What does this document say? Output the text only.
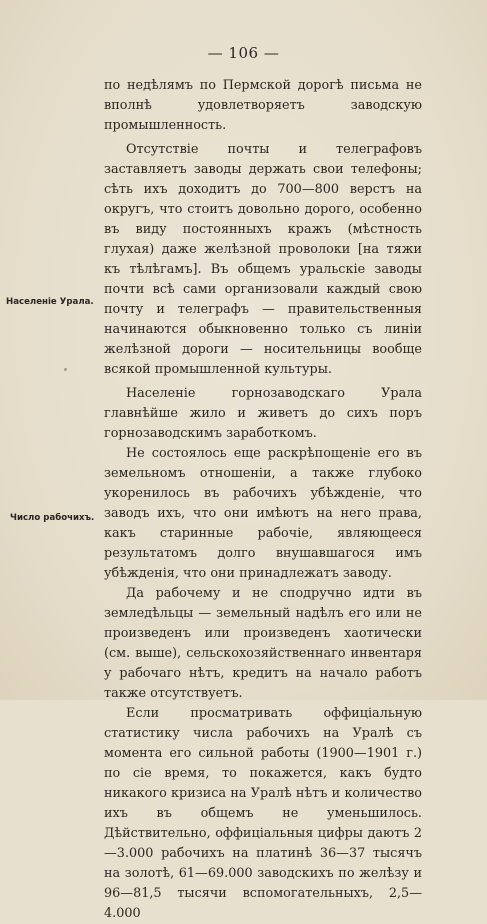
— 106 —
Населеніе Урала.
Число рабочихъ.

по недѣлямъ по Пермской дорогѣ письма не вполнѣ удовлетворяетъ заводскую промышленность.

Отсутствіе почты и телеграфовъ заставляетъ заводы держать свои телефоны; сѣть ихъ доходитъ до 700—800 верстъ на округъ, что стоитъ довольно дорого, особенно въ виду постоянныхъ кражъ (мѣстность глухая) даже желѣзной проволоки [на тяжи къ тѣлѣгамъ]. Въ общемъ уральскіе заводы почти всѣ сами организовали каждый свою почту и телеграфъ — правительственныя начинаются обыкновенно только съ линіи желѣзной дороги — носительницы вообще всякой промышленной культуры.

Населеніе горнозаводскаго Урала главнѣйше жило и живетъ до сихъ поръ горнозаводскимъ заработкомъ.

Не состоялось еще раскрѣпощеніе его въ земельномъ отношеніи, а также глубоко укоренилось въ рабочихъ убѣжденіе, что заводъ ихъ, что они имѣютъ на него права, какъ старинные рабочіе, являющееся результатомъ долго внушавшагося имъ убѣжденія, что они принадлежатъ заводу.

Да рабочему и не сподручно идти въ земледѣльцы — земельный надѣлъ его или не произведенъ или произведенъ хаотически (см. выше), сельскохозяйственнаго инвентаря у рабочаго нѣтъ, кредитъ на начало работъ также отсутствуетъ.

Если просматривать оффиціальную статистику числа рабочихъ на Уралѣ съ момента его сильной работы (1900—1901 г.) по сіе время, то покажется, какъ будто никакого кризиса на Уралѣ нѣтъ и количество ихъ въ общемъ не уменьшилось. Дѣйствительно, оффиціальныя цифры даютъ 2—3.000 рабочихъ на платинѣ 36—37 тысячъ на золотѣ, 61—69.000 заводскихъ по желѣзу и 96—81,5 тысячи вспомогательныхъ, 2,5—4.000
